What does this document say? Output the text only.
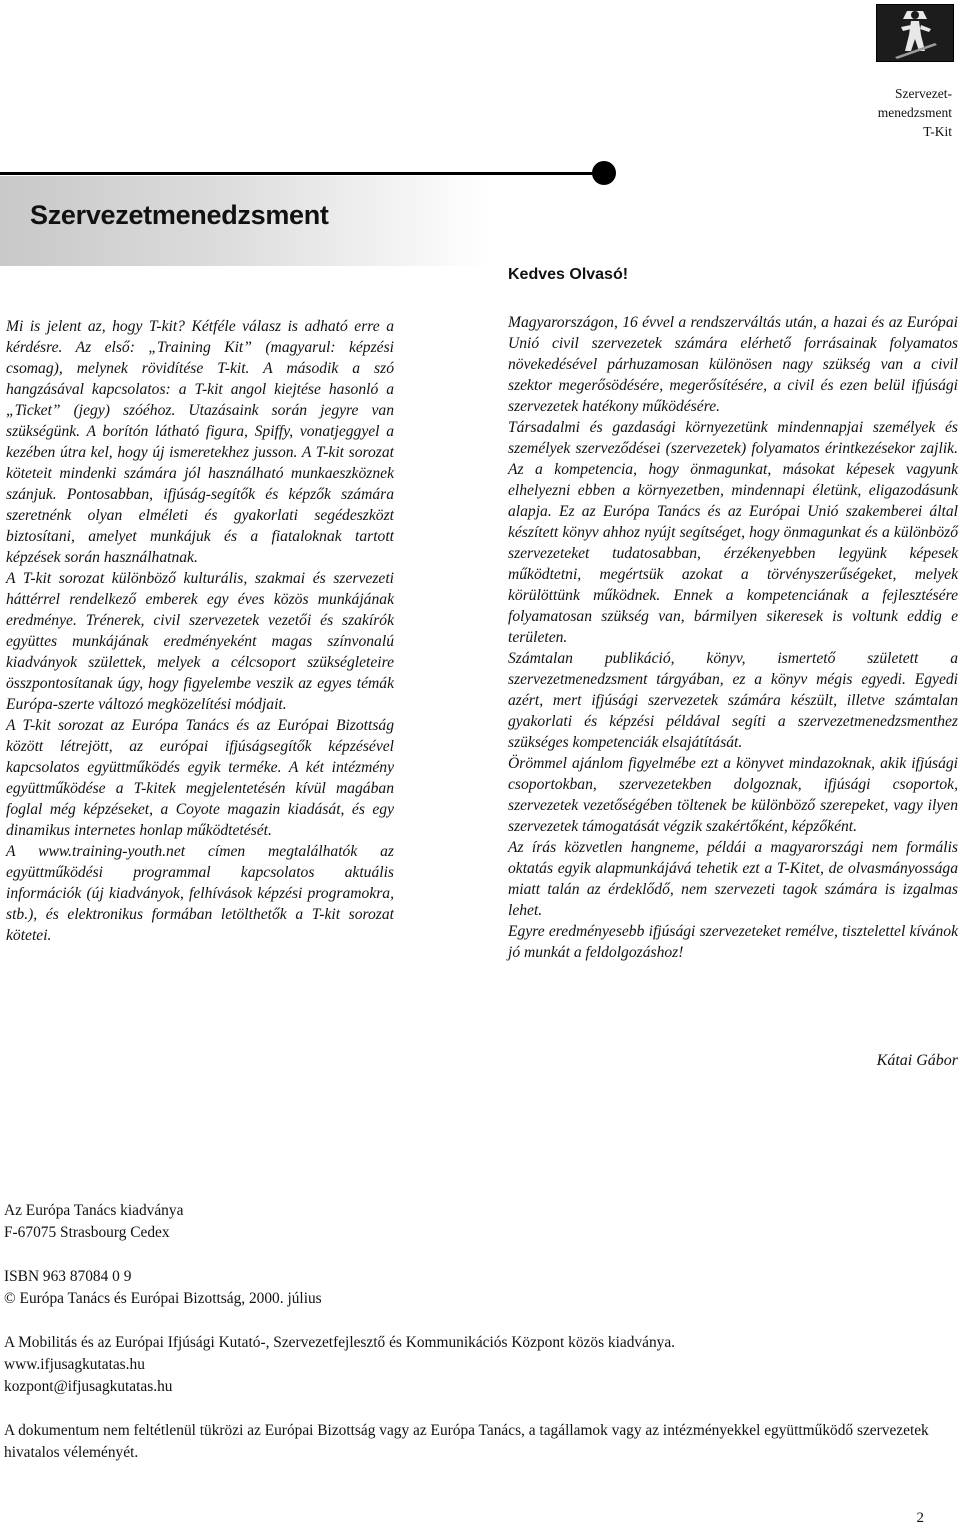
Szervezet-
menedzsment
T-Kit
Szervezetmenedzsment

Mi is jelent az, hogy T-kit? Kétféle válasz is adható erre a kérdésre. Az első: „Training Kit” (magyarul: képzési csomag), melynek rövidítése T-kit. A második a szó hangzásával kapcsolatos: a T-kit angol kiejtése hasonló a „Ticket” (jegy) szóéhoz. Utazásaink során jegyre van szükségünk. A borítón látható figura, Spiffy, vonatjeggyel a kezében útra kel, hogy új ismeretekhez jusson. A T-kit sorozat köteteit mindenki számára jól használható munkaeszköznek szánjuk. Pontosabban, ifjúság-segítők és képzők számára szeretnénk olyan elméleti és gyakorlati segédeszközt biztosítani, amelyet munkájuk és a fiataloknak tartott képzések során használhatnak.

A T-kit sorozat különböző kulturális, szakmai és szervezeti háttérrel rendelkező emberek egy éves közös munkájának eredménye. Trénerek, civil szervezetek vezetői és szakírók együttes munkájának eredményeként magas színvonalú kiadványok születtek, melyek a célcsoport szükségleteire összpontosítanak úgy, hogy figyelembe veszik az egyes témák Európa-szerte változó megközelítési módjait.

A T-kit sorozat az Európa Tanács és az Európai Bizottság között létrejött, az európai ifjúságsegítők képzésével kapcsolatos együttműködés egyik terméke. A két intézmény együttműködése a T-kitek megjelentetésén kívül magában foglal még képzéseket, a Coyote magazin kiadását, és egy dinamikus internetes honlap működtetését.

A www.training-youth.net címen megtalálhatók az együttműködési programmal kapcsolatos aktuális információk (új kiadványok, felhívások képzési programokra, stb.), és elektronikus formában letölthetők a T-kit sorozat kötetei.

Kedves Olvasó!

Magyarországon, 16 évvel a rendszerváltás után, a hazai és az Európai Unió civil szervezetek számára elérhető forrásainak folyamatos növekedésével párhuzamosan különösen nagy szükség van a civil szektor megerősödésére, megerősítésére, a civil és ezen belül ifjúsági szervezetek hatékony működésére.

Társadalmi és gazdasági környezetünk mindennapjai személyek és személyek szerveződései (szervezetek) folyamatos érintkezésekor zajlik. Az a kompetencia, hogy önmagunkat, másokat képesek vagyunk elhelyezni ebben a környezetben, mindennapi életünk, eligazodásunk alapja. Ez az Európa Tanács és az Európai Unió szakemberei által készített könyv ahhoz nyújt segítséget, hogy önmagunkat és a különböző szervezeteket tudatosabban, érzékenyebben legyünk képesek működtetni, megértsük azokat a törvényszerűségeket, melyek körülöttünk működnek. Ennek a kompetenciának a fejlesztésére folyamatosan szükség van, bármilyen sikeresek is voltunk eddig e területen.

Számtalan publikáció, könyv, ismertető született a szervezetmenedzsment tárgyában, ez a könyv mégis egyedi. Egyedi azért, mert ifjúsági szervezetek számára készült, illetve számtalan gyakorlati és képzési példával segíti a szervezetmenedzsmenthez szükséges kompetenciák elsajátítását.

Örömmel ajánlom figyelmébe ezt a könyvet mindazoknak, akik ifjúsági csoportokban, szervezetekben dolgoznak, ifjúsági csoportok, szervezetek vezetőségében töltenek be különböző szerepeket, vagy ilyen szervezetek támogatását végzik szakértőként, képzőként.

Az írás közvetlen hangneme, példái a magyarországi nem formális oktatás egyik alapmunkájává tehetik ezt a T-Kitet, de olvasmányossága miatt talán az érdeklődő, nem szervezeti tagok számára is izgalmas lehet.

Egyre eredményesebb ifjúsági szervezeteket remélve, tisztelettel kívánok jó munkát a feldolgozáshoz!

Kátai Gábor
Az Európa Tanács kiadványa
F-67075 Strasbourg Cedex
ISBN 963 87084 0 9
© Európa Tanács és Európai Bizottság, 2000. július
A Mobilitás és az Európai Ifjúsági Kutató-, Szervezetfejlesztő és Kommunikációs Központ közös kiadványa.
www.ifjusagkutatas.hu
kozpont@ifjusagkutatas.hu
A dokumentum nem feltétlenül tükrözi az Európai Bizottság vagy az Európa Tanács, a tagállamok vagy az intézményekkel együttműködő szervezetek hivatalos véleményét.
2
